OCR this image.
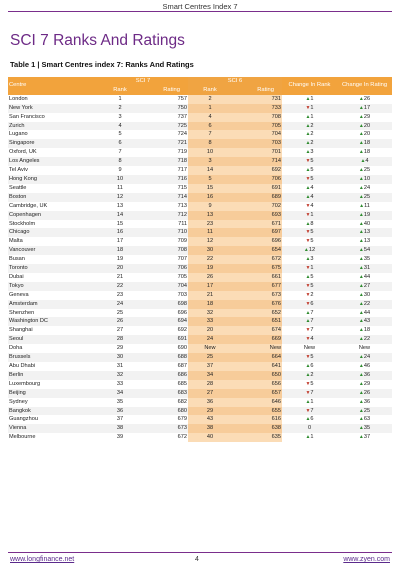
Smart Centres Index 7
SCI 7 Ranks And Ratings
Table 1 | Smart Centres index 7: Ranks And Ratings
Centre	SCI 7		SCI 6		Change In Rank	Change In Rating
	Rank	Rating	Rank	Rating		
London	1	757	2	731	▲1	▲26
New York	2	750	1	733	▼1	▲17
San Francisco	3	737	4	708	▲1	▲29
Zurich	4	725	6	705	▲2	▲20
Lugano	5	724	7	704	▲2	▲20
Singapore	6	721	8	703	▲2	▲18
Oxford, UK	7	719	10	701	▲3	▲18
Los Angeles	8	718	3	714	▼5	▲4
Tel Aviv	9	717	14	692	▲5	▲25
Hong Kong	10	716	5	706	▼5	▲10
Seattle	11	715	15	691	▲4	▲24
Boston	12	714	16	689	▲4	▲25
Cambridge, UK	13	713	9	702	▼4	▲11
Copenhagen	14	712	13	693	▼1	▲19
Stockholm	15	711	23	671	▲8	▲40
Chicago	16	710	11	697	▼5	▲13
Malta	17	709	12	696	▼5	▲13
Vancouver	18	708	30	654	▲12	▲54
Busan	19	707	22	672	▲3	▲35
Toronto	20	706	19	675	▼1	▲31
Dubai	21	705	26	661	▲5	▲44
Tokyo	22	704	17	677	▼5	▲27
Geneva	23	703	21	673	▼2	▲30
Amsterdam	24	698	18	676	▼6	▲22
Shenzhen	25	696	32	652	▲7	▲44
Washington DC	26	694	33	651	▲7	▲43
Shanghai	27	692	20	674	▼7	▲18
Seoul	28	691	24	669	▼4	▲22
Doha	29	690	New	New	New	New
Brussels	30	688	25	664	▼5	▲24
Abu Dhabi	31	687	37	641	▲6	▲46
Berlin	32	686	34	650	▲2	▲36
Luxembourg	33	685	28	656	▼5	▲29
Beijing	34	683	27	657	▼7	▲26
Sydney	35	682	36	646	▲1	▲36
Bangkok	36	680	29	655	▼7	▲25
Guangzhou	37	679	43	616	▲6	▲63
Vienna	38	673	38	638	0	▲35
Melbourne	39	672	40	635	▲1	▲37
www.longfinance.net	4	www.zyen.com
